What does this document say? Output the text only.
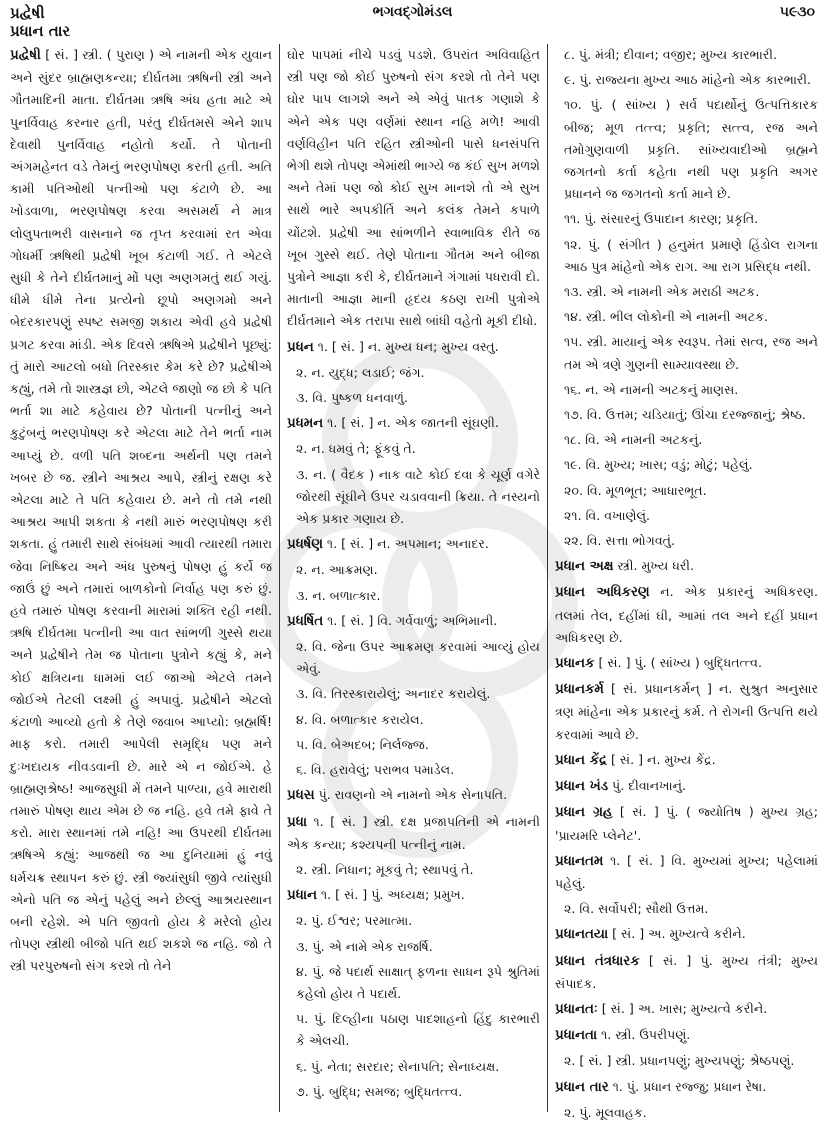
પ્રદ્વેષી	ભગવદ્ગોમંડલ	૫૯૩૦
પ્રધાન તાર
પ્રદ્વેષી [ સં. ] સ્ત્રી. ( પુરાણ ) એ નામની એક યુવાન અને સુંદર બ્રાહ્મણકન્યા; દીર્ઘતમા ઋષિની સ્ત્રી અને ગૌતમાદિની માતા. દીર્ઘતમા ઋષિ અંધ હતા માટે એ પુનર્વિવાહ કરનાર હતી, પરંતુ દીર્ઘતમસે એને શાપ દેવાથી પુનર્વિવાહ નહોતો કર્યો. તે પોતાની અંગમહેનત વડે તેમનું ભરણપોષણ કરતી હતી. અતિ કામી પતિઓથી પત્નીઓ પણ કંટાળે છે. આ ખોડવાળા, ભરણપોષણ કરવા અસમર્થ ને માત્ર લોલુપતાભરી વાસનાને જ તૃપ્ત કરવામાં રત એવા ગોધર્મી ઋષિથી પ્રદ્વેષી ખૂબ કંટાળી ગઈ. તે એટલે સુધી કે તેને દીર્ઘતમાનું મોં પણ અણગમતું થઈ ગયું. ધીમે ધીમે તેના પ્રત્યેનો છૂપો અણગમો અને બેદરકારપણું સ્પષ્ટ સમજી શકાય એવી હવે પ્રદ્વેષી પ્રગટ કરવા માંડી. એક દિવસે ઋષિએ પ્રદ્વેષીને પૂછ્યું: તું મારો આટલો બધો તિરસ્કાર કેમ કરે છે? પ્રદ્વેષીએ કહ્યું, તમે તો શાસ્ત્રજ્ઞ છો, એટલે જાણો જ છો કે પતિ ભર્તા શા માટે કહેવાય છે? પોતાની પત્નીનું અને કુટુંબનું ભરણપોષણ કરે એટલા માટે તેને ભર્તા નામ આપ્યું છે. વળી પતિ શબ્દના અર્થની પણ તમને ખબર છે જ. સ્ત્રીને આશ્રય આપે, સ્ત્રીનું રક્ષણ કરે એટલા માટે તે પતિ કહેવાય છે. મને તો તમે નથી આશ્રય આપી શકતા કે નથી મારું ભરણપોષણ કરી શકતા. હું તમારી સાથે સંબંધમાં આવી ત્યારથી તમારા જેવા નિષ્ક્રિય અને અંધ પુરુષનું પોષણ હું કર્યે જ જાઉં છું અને તમારાં બાળકોનો નિર્વાહ પણ કરું છું. હવે તમારું પોષણ કરવાની મારામાં શક્તિ રહી નથી. ઋષિ દીર્ઘતમા પત્નીની આ વાત સાંભળી ગુસ્સે થયા અને પ્રદ્વેષીને તેમ જ પોતાના પુત્રોને કહ્યું કે, મને કોઈ ક્ષત્રિયના ધામમાં લઈ જાઓ એટલે તમને જોઈએ તેટલી લક્ષ્મી હું અપાવું. પ્રદ્વેષીને એટલો કંટાળો આવ્યો હતો કે તેણે જવાબ આપ્યો: બ્રહ્મર્ષિ! માફ કરો. તમારી આપેલી સમૃદ્ધિ પણ મને દુઃખદાયક નીવડવાની છે. મારે એ ન જોઈએ. હે બ્રાહ્મણશ્રેષ્ઠ! આજસુધી મેં તમને પાળ્યા, હવે મારાથી તમારું પોષણ થાય એમ છે જ નહિ. હવે તમે ફાવે તે કરો. મારા સ્થાનમાં તમે નહિ! આ ઉપરથી દીર્ઘતમા ઋષિએ કહ્યું: આજથી જ આ દુનિયામાં હું નવું ધર્મચક્ર સ્થાપન કરું છું. સ્ત્રી જ્યાંસુધી જીવે ત્યાંસુધી એનો પતિ જ એનું પહેલું અને છેલ્લું આશ્રયસ્થાન બની રહેશે. એ પતિ જીવતો હોય કે મરેલો હોય તોપણ સ્ત્રીથી બીજો પતિ થઈ શકશે જ નહિ. જો તે સ્ત્રી પરપુરુષનો સંગ કરશે તો તેને
ઘોર પાપમાં નીચે પડવું પડશે. ઉપરાંત અવિવાહિત સ્ત્રી પણ જો કોઈ પુરુષનો સંગ કરશે તો તેને પણ ઘોર પાપ લાગશે અને એ એવું પાતક ગણાશે કે એને એક પણ વર્ણમાં સ્થાન નહિ મળે! આવી વર્ણવિહીન પતિ રહિત સ્ત્રીઓની પાસે ધનસંપત્તિ ભેગી થશે તોપણ એમાંથી ભાગ્યે જ કંઈ સુખ મળશે અને તેમાં પણ જો કોઈ સુખ માનશે તો એ સુખ સાથે ભારે અપકીર્તિ અને કલંક તેમને કપાળે ચોંટશે. પ્રદ્વેષી આ સાંભળીને સ્વાભાવિક રીતે જ ખૂબ ગુસ્સે થઈ. તેણે પોતાના ગૌતમ અને બીજા પુત્રોને આજ્ઞા કરી કે, દીર્ઘતમાને ગંગામાં પધરાવી દો. માતાની આજ્ઞા માની હૃદય કઠણ રાખી પુત્રોએ દીર્ઘતમાને એક તરાપા સાથે બાંધી વહેતો મૂકી દીધો.
પ્રધન ૧. [ સં. ] ન. મુખ્ય ધન; મુખ્ય વસ્તુ.
૨. ન. યુદ્ધ; લડાઈ; જંગ.
૩. વિ. પુષ્કળ ધનવાળું.
પ્રધમન ૧. [ સં. ] ન. એક જાતની સૂંઘણી.
૨. ન. ધમવું તે; ફૂંકવું તે.
૩. ન. ( વૈદક ) નાક વાટે કોઈ દવા કે ચૂર્ણ વગેરે જોરથી સૂંઘીને ઉપર ચડાવવાની ક્રિયા. તે નસ્યનો એક પ્રકાર ગણાય છે.
પ્રધર્ષણ ૧. [ સં. ] ન. અપમાન; અનાદર.
૨. ન. આક્રમણ.
૩. ન. બળાત્કાર.
પ્રધર્ષિત ૧. [ સં. ] વિ. ગર્વવાળું; અભિમાની.
૨. વિ. જેના ઉપર આક્રમણ કરવામાં આવ્યું હોય એવું.
૩. વિ. તિરસ્કારાયેલું; અનાદર કરાયેલું.
૪. વિ. બળાત્કાર કરાયેલ.
૫. વિ. બેઅદબ; નિર્લજ્જ.
૬. વિ. હરાવેલું; પરાભવ પમાડેલ.
પ્રધસ પું. રાવણનો એ નામનો એક સેનાપતિ.
પ્રધા ૧. [ સં. ] સ્ત્રી. દક્ષ પ્રજાપતિની એ નામની એક કન્યા; કશ્યપની પત્નીનું નામ.
૨. સ્ત્રી. નિધાન; મૂકવું તે; સ્થાપવું તે.
પ્રધાન ૧. [ સં. ] પું. અધ્યક્ષ; પ્રમુખ.
૨. પું. ઈશ્વર; પરમાત્મા.
૩. પું. એ નામે એક રાજર્ષિ.
૪. પું. જે પદાર્થ સાક્ષાત્ ફળના સાધન રૂપે શ્રુતિમાં કહેલો હોય તે પદાર્થ.
૫. પું. દિલ્હીના પઠાણ પાદશાહનો હિંદુ કારભારી કે એલચી.
૬. પું. નેતા; સરદાર; સેનાપતિ; સેનાધ્યક્ષ.
૭. પું. બુદ્ધિ; સમજ; બુદ્ધિતત્ત્વ.
૮. પું. મંત્રી; દીવાન; વજીર; મુખ્ય કારભારી.
૯. પું. રાજ્યના મુખ્ય આઠ માંહેનો એક કારભારી.
૧૦. પું. ( સાંખ્ય ) સર્વ પદાર્થોનું ઉત્પત્તિકારક બીજ; મૂળ તત્ત્વ; પ્રકૃતિ; સત્ત્વ, રજ અને તમોગુણવાળી પ્રકૃતિ. સાંખ્યવાદીઓ બ્રહ્મને જગતનો કર્તા કહેતા નથી પણ પ્રકૃતિ અગર પ્રધાનને જ જગતનો કર્તા માને છે.
૧૧. પું. સંસારનું ઉપાદાન કારણ; પ્રકૃતિ.
૧૨. પું. ( સંગીત ) હનુમંત પ્રમાણે હિંડોલ રાગના આઠ પુત્ર માંહેનો એક રાગ. આ રાગ પ્રસિદ્ધ નથી.
૧૩. સ્ત્રી. એ નામની એક મરાઠી અટક.
૧૪. સ્ત્રી. ભીલ લોકોની એ નામની અટક.
૧૫. સ્ત્રી. માયાનું એક સ્વરૂપ. તેમાં સત્વ, રજ અને તમ એ ત્રણે ગુણની સામ્યાવસ્થા છે.
૧૬. ન. એ નામની અટકનું માણસ.
૧૭. વિ. ઉત્તમ; ચડિયાતું; ઊંચા દરજ્જાનું; શ્રેષ્ઠ.
૧૮. વિ. એ નામની અટકનું.
૧૯. વિ. મુખ્ય; ખાસ; વડું; મોટું; પહેલું.
૨૦. વિ. મૂળભૂત; આધારભૂત.
૨૧. વિ. વખાણેલું.
૨૨. વિ. સત્તા ભોગવતું.
પ્રધાન અક્ષ સ્ત્રી. મુખ્ય ધરી.
પ્રધાન અધિકરણ ન. એક પ્રકારનું અધિકરણ. તલમાં તેલ, દહીંમાં ઘી, આમાં તલ અને દહીં પ્રધાન અધિકરણ છે.
પ્રધાનક [ સં. ] પું. ( સાંખ્ય ) બુદ્ધિતત્ત્વ.
પ્રધાનકર્મ [ સં. પ્રધાનકર્મન્ ] ન. સુશ્રુત અનુસાર ત્રણ માંહેના એક પ્રકારનું કર્મ. તે રોગની ઉત્પત્તિ થયે કરવામાં આવે છે.
પ્રધાન કેંદ્ર [ સં. ] ન. મુખ્ય કેંદ્ર.
પ્રધાન ખંડ પું. દીવાનખાનું.
પ્રધાન ગ્રહ [ સં. ] પું. ( જ્યોતિષ ) મુખ્ય ગ્રહ; 'પ્રાયમરિ પ્લેનેટ'.
પ્રધાનતમ ૧. [ સં. ] વિ. મુખ્યમાં મુખ્ય; પહેલામાં પહેલું.
૨. વિ. સર્વોપરી; સૌથી ઉત્તમ.
પ્રધાનતયા [ સં. ] અ. મુખ્યત્વે કરીને.
પ્રધાન તંત્રધારક [ સં. ] પું. મુખ્ય તંત્રી; મુખ્ય સંપાદક.
પ્રધાનતઃ [ સં. ] અ. ખાસ; મુખ્યત્વે કરીને.
પ્રધાનતા ૧. સ્ત્રી. ઉપરીપણું.
૨. [ સં. ] સ્ત્રી. પ્રધાનપણું; મુખ્યપણું; શ્રેષ્ઠપણું.
પ્રધાન તાર ૧. પું. પ્રધાન રજ્જુ; પ્રધાન રેષા.
૨. પું. મૂલવાહક.
